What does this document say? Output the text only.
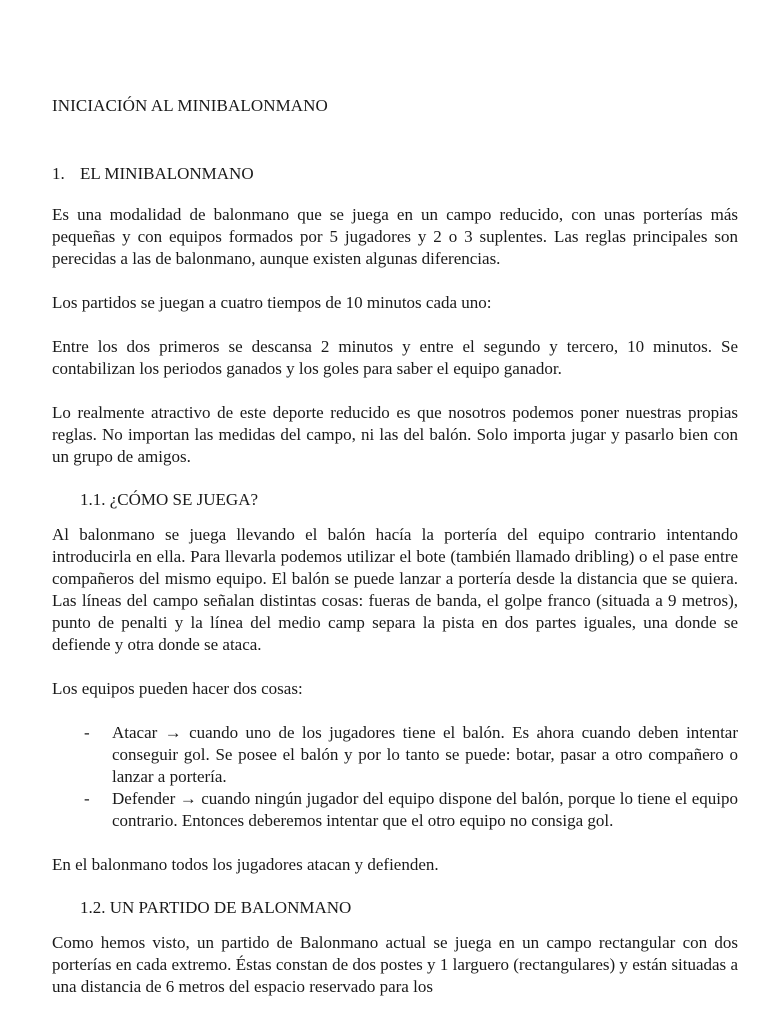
INICIACIÓN AL MINIBALONMANO
1. EL MINIBALONMANO
Es una modalidad de balonmano que se juega en un campo reducido, con unas porterías más pequeñas y con equipos formados por 5 jugadores y 2 o 3 suplentes. Las reglas principales son perecidas a las de balonmano, aunque existen algunas diferencias.
Los partidos se juegan a cuatro tiempos de 10 minutos cada uno:
Entre los dos primeros se descansa 2 minutos y entre el segundo y tercero, 10 minutos. Se contabilizan los periodos ganados y los goles para saber el equipo ganador.
Lo realmente atractivo de este deporte reducido es que nosotros podemos poner nuestras propias reglas. No importan las medidas del campo, ni las del balón. Solo importa jugar y pasarlo bien con un grupo de amigos.
1.1. ¿CÓMO SE JUEGA?
Al balonmano se juega llevando el balón hacía la portería del equipo contrario intentando introducirla en ella. Para llevarla podemos utilizar el bote (también llamado dribling) o el pase entre compañeros del mismo equipo. El balón se puede lanzar a portería desde la distancia que se quiera. Las líneas del campo señalan distintas cosas: fueras de banda, el golpe franco (situada a 9 metros), punto de penalti y la línea del medio camp separa la pista en dos partes iguales, una donde se defiende y otra donde se ataca.
Los equipos pueden hacer dos cosas:
- Atacar → cuando uno de los jugadores tiene el balón. Es ahora cuando deben intentar conseguir gol. Se posee el balón y por lo tanto se puede: botar, pasar a otro compañero o lanzar a portería.
- Defender → cuando ningún jugador del equipo dispone del balón, porque lo tiene el equipo contrario. Entonces deberemos intentar que el otro equipo no consiga gol.
En el balonmano todos los jugadores atacan y defienden.
1.2. UN PARTIDO DE BALONMANO
Como hemos visto, un partido de Balonmano actual se juega en un campo rectangular con dos porterías en cada extremo. Éstas constan de dos postes y 1 larguero (rectangulares) y están situadas a una distancia de 6 metros del espacio reservado para los
